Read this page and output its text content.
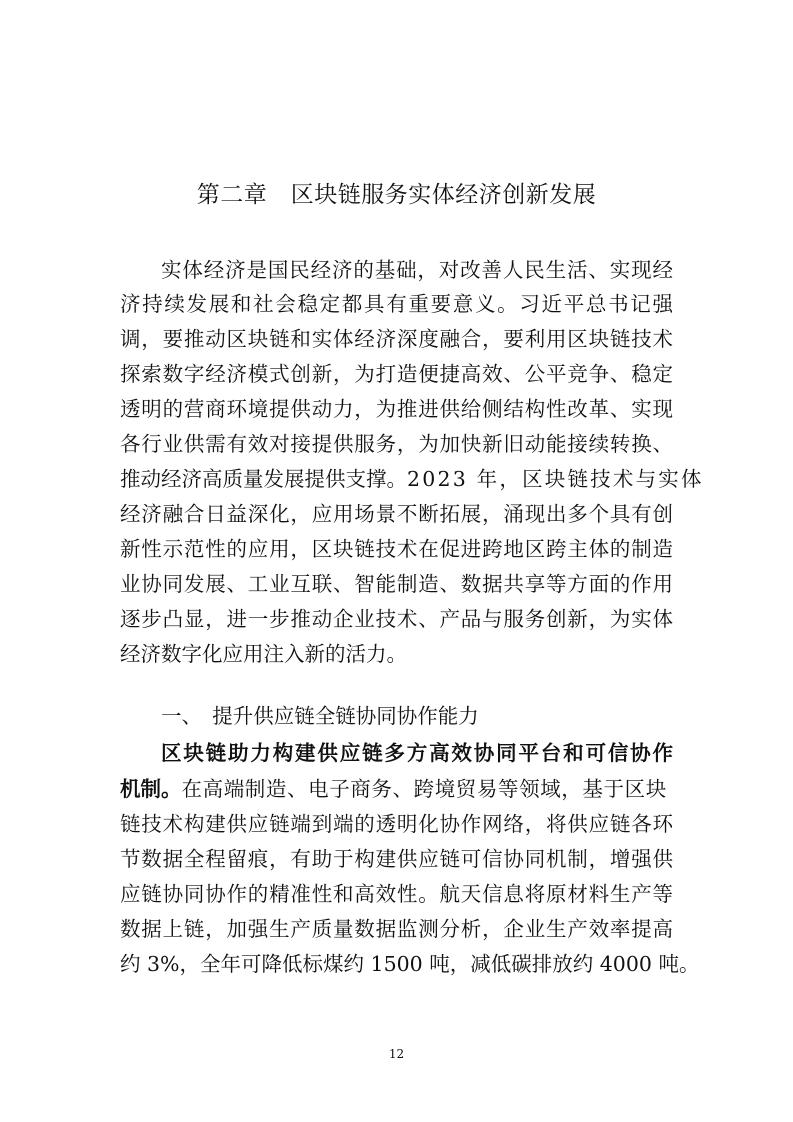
第二章　区块链服务实体经济创新发展
实体经济是国民经济的基础，对改善人民生活、实现经
济持续发展和社会稳定都具有重要意义。习近平总书记强
调，要推动区块链和实体经济深度融合，要利用区块链技术
探索数字经济模式创新，为打造便捷高效、公平竞争、稳定
透明的营商环境提供动力，为推进供给侧结构性改革、实现
各行业供需有效对接提供服务，为加快新旧动能接续转换、
推动经济高质量发展提供支撑。2023 年，区块链技术与实体
经济融合日益深化，应用场景不断拓展，涌现出多个具有创
新性示范性的应用，区块链技术在促进跨地区跨主体的制造
业协同发展、工业互联、智能制造、数据共享等方面的作用
逐步凸显，进一步推动企业技术、产品与服务创新，为实体
经济数字化应用注入新的活力。
一、　提升供应链全链协同协作能力
区块链助力构建供应链多方高效协同平台和可信协作
机制。在高端制造、电子商务、跨境贸易等领域，基于区块
链技术构建供应链端到端的透明化协作网络，将供应链各环
节数据全程留痕，有助于构建供应链可信协同机制，增强供
应链协同协作的精准性和高效性。航天信息将原材料生产等
数据上链，加强生产质量数据监测分析，企业生产效率提高
约 3%，全年可降低标煤约 1500 吨，减低碳排放约 4000 吨。
12
